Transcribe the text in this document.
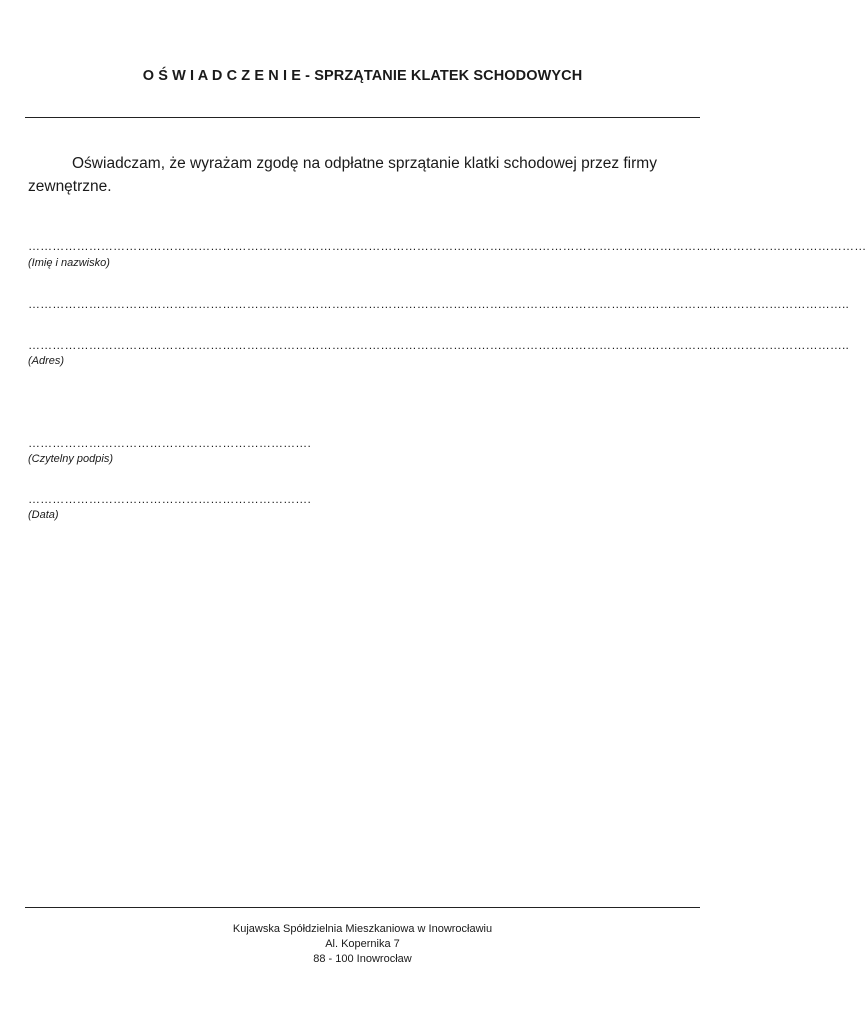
O Ś W I A D C Z E N I E - SPRZĄTANIE KLATEK SCHODOWYCH
Oświadczam, że wyrażam zgodę na odpłatne sprzątanie klatki schodowej przez firmy zewnętrzne.
………………………………………………………………………………………………………………………………………………………………………………………
(Imię i nazwisko)
…………………………………………………………………………………………………………………………………………………………………………………..
…………………………………………………………………………………………………………………………………………………………………………………..
(Adres)
…………………………………………………………….
(Czytelny podpis)
…………………………………………………………….
(Data)
Kujawska Spółdzielnia Mieszkaniowa w Inowrocławiu
Al. Kopernika 7
88 - 100 Inowrocław
